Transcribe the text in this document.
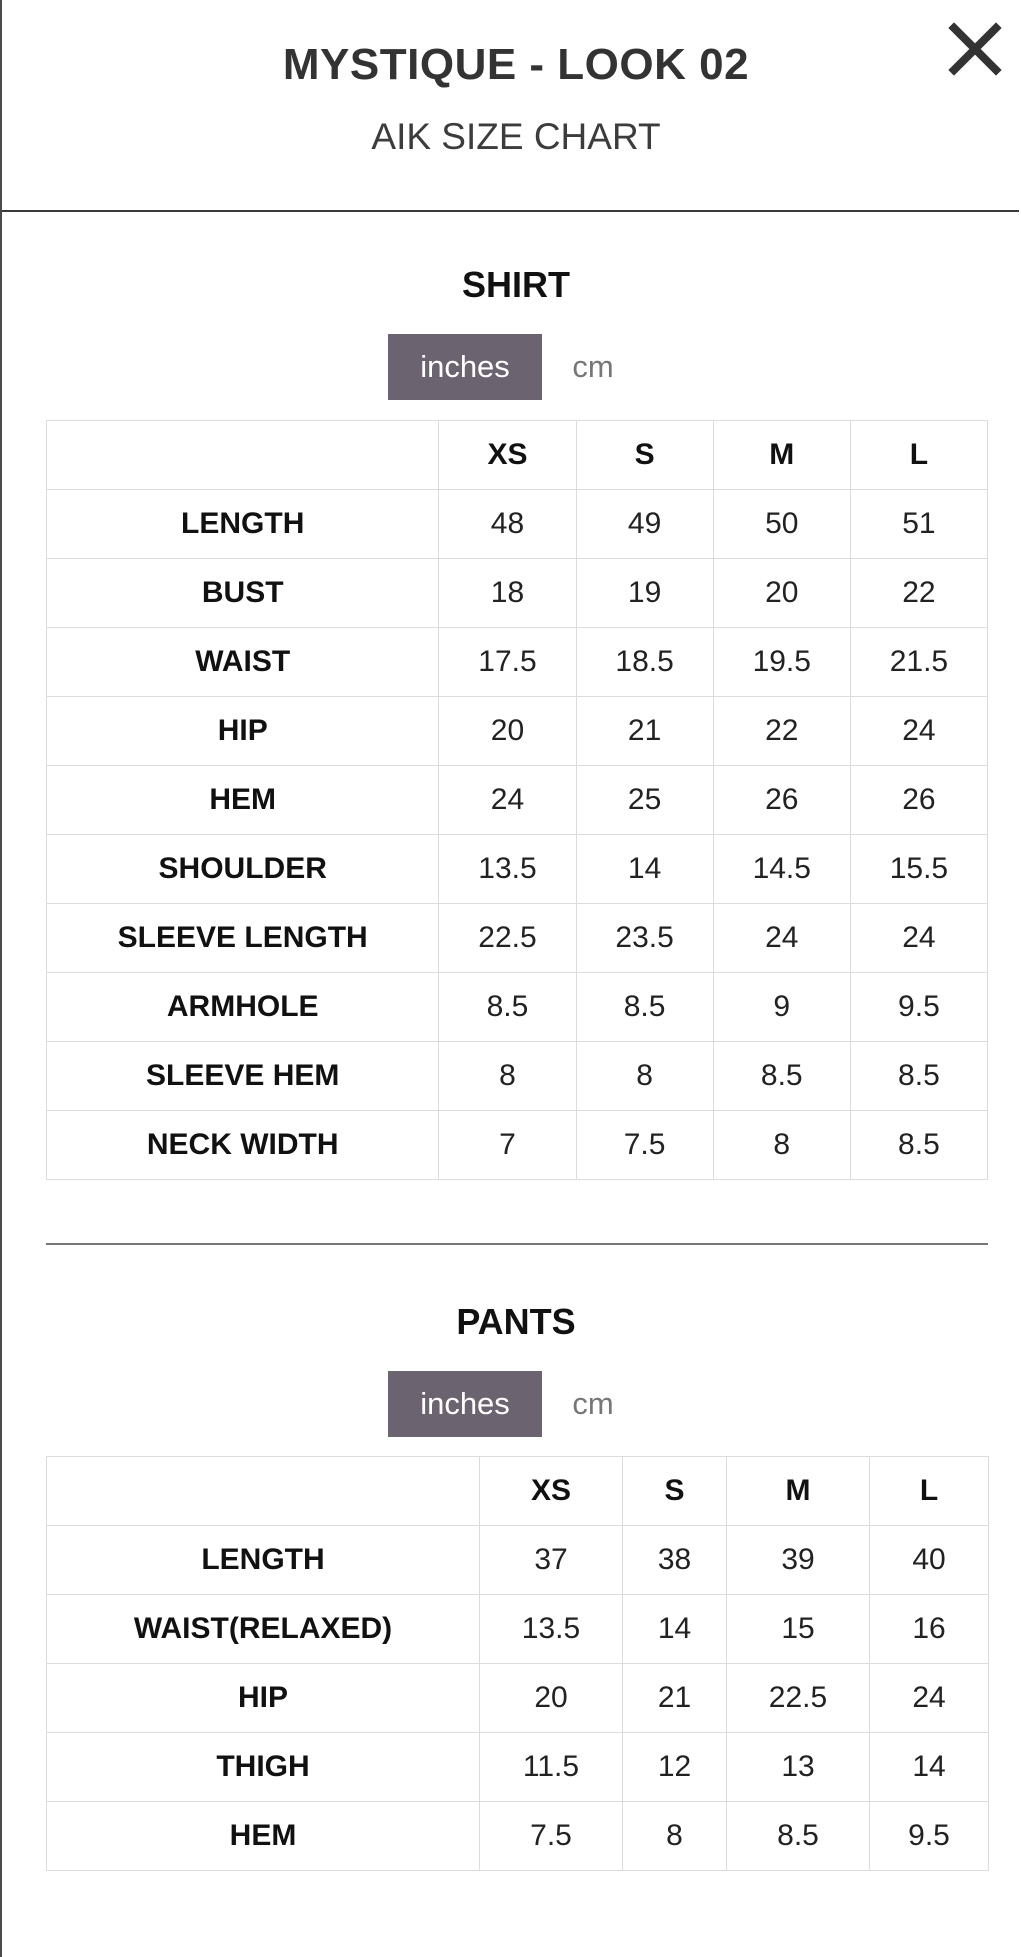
MYSTIQUE - LOOK 02
AIK SIZE CHART
SHIRT
inches	cm
	XS	S	M	L
LENGTH	48	49	50	51
BUST	18	19	20	22
WAIST	17.5	18.5	19.5	21.5
HIP	20	21	22	24
HEM	24	25	26	26
SHOULDER	13.5	14	14.5	15.5
SLEEVE LENGTH	22.5	23.5	24	24
ARMHOLE	8.5	8.5	9	9.5
SLEEVE HEM	8	8	8.5	8.5
NECK WIDTH	7	7.5	8	8.5
PANTS
inches	cm
	XS	S	M	L
LENGTH	37	38	39	40
WAIST(RELAXED)	13.5	14	15	16
HIP	20	21	22.5	24
THIGH	11.5	12	13	14
HEM	7.5	8	8.5	9.5
